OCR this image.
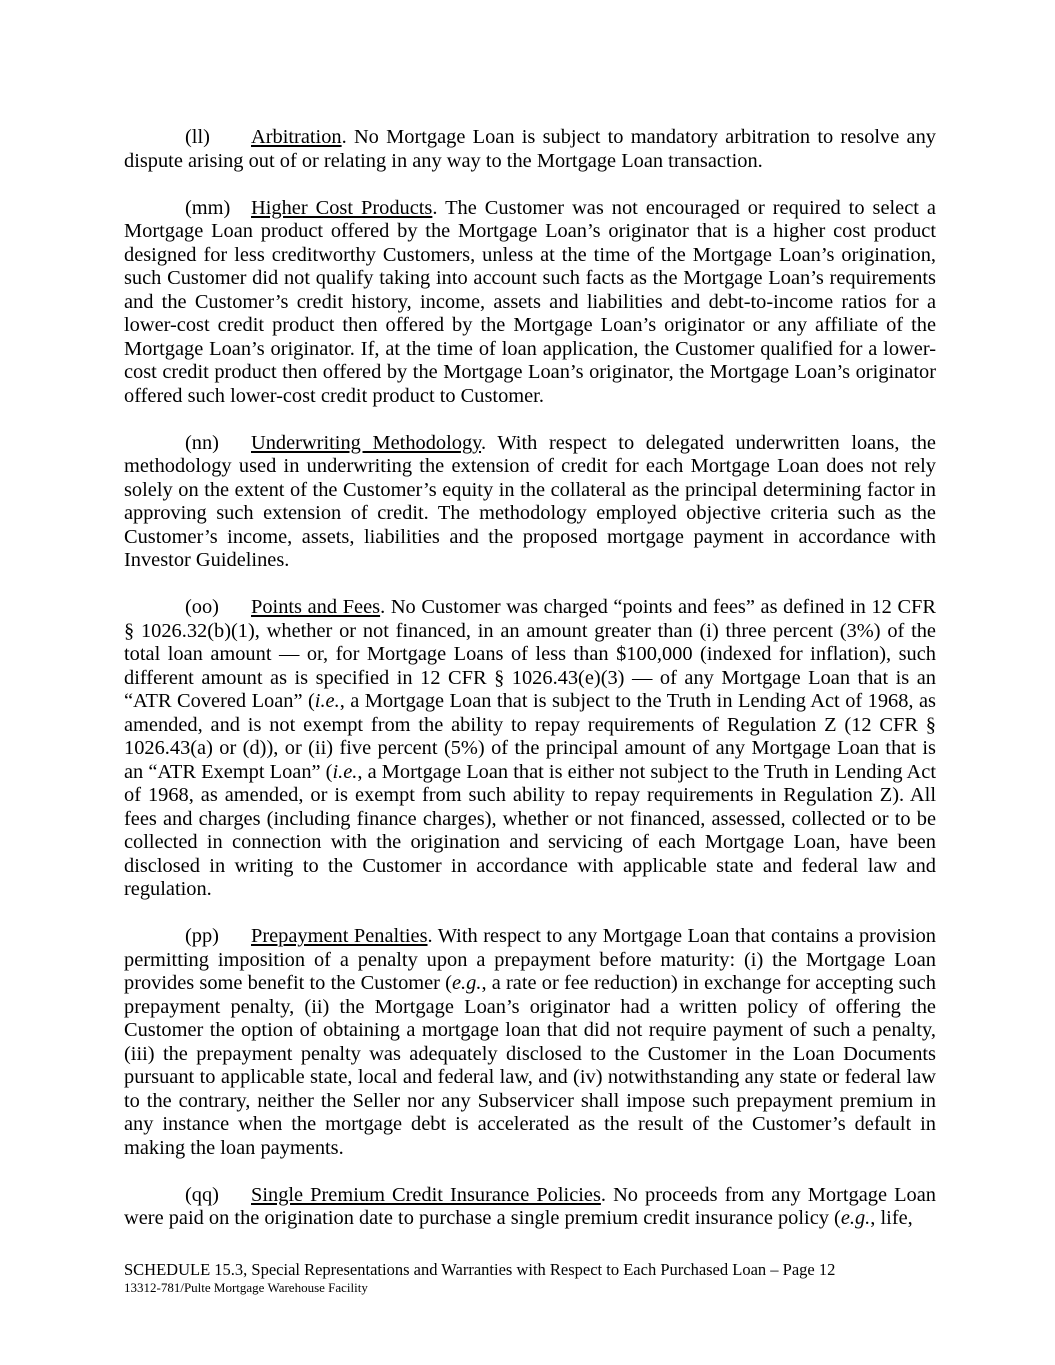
(ll) Arbitration. No Mortgage Loan is subject to mandatory arbitration to resolve any dispute arising out of or relating in any way to the Mortgage Loan transaction.

(mm) Higher Cost Products. The Customer was not encouraged or required to select a Mortgage Loan product offered by the Mortgage Loan’s originator that is a higher cost product designed for less creditworthy Customers, unless at the time of the Mortgage Loan’s origination, such Customer did not qualify taking into account such facts as the Mortgage Loan’s requirements and the Customer’s credit history, income, assets and liabilities and debt-to-income ratios for a lower-cost credit product then offered by the Mortgage Loan’s originator or any affiliate of the Mortgage Loan’s originator. If, at the time of loan application, the Customer qualified for a lower-cost credit product then offered by the Mortgage Loan’s originator, the Mortgage Loan’s originator offered such lower-cost credit product to Customer.

(nn) Underwriting Methodology. With respect to delegated underwritten loans, the methodology used in underwriting the extension of credit for each Mortgage Loan does not rely solely on the extent of the Customer’s equity in the collateral as the principal determining factor in approving such extension of credit. The methodology employed objective criteria such as the Customer’s income, assets, liabilities and the proposed mortgage payment in accordance with Investor Guidelines.

(oo) Points and Fees. No Customer was charged “points and fees” as defined in 12 CFR § 1026.32(b)(1), whether or not financed, in an amount greater than (i) three percent (3%) of the total loan amount — or, for Mortgage Loans of less than $100,000 (indexed for inflation), such different amount as is specified in 12 CFR § 1026.43(e)(3) — of any Mortgage Loan that is an “ATR Covered Loan” (i.e., a Mortgage Loan that is subject to the Truth in Lending Act of 1968, as amended, and is not exempt from the ability to repay requirements of Regulation Z (12 CFR § 1026.43(a) or (d)), or (ii) five percent (5%) of the principal amount of any Mortgage Loan that is an “ATR Exempt Loan” (i.e., a Mortgage Loan that is either not subject to the Truth in Lending Act of 1968, as amended, or is exempt from such ability to repay requirements in Regulation Z). All fees and charges (including finance charges), whether or not financed, assessed, collected or to be collected in connection with the origination and servicing of each Mortgage Loan, have been disclosed in writing to the Customer in accordance with applicable state and federal law and regulation.

(pp) Prepayment Penalties. With respect to any Mortgage Loan that contains a provision permitting imposition of a penalty upon a prepayment before maturity: (i) the Mortgage Loan provides some benefit to the Customer (e.g., a rate or fee reduction) in exchange for accepting such prepayment penalty, (ii) the Mortgage Loan’s originator had a written policy of offering the Customer the option of obtaining a mortgage loan that did not require payment of such a penalty, (iii) the prepayment penalty was adequately disclosed to the Customer in the Loan Documents pursuant to applicable state, local and federal law, and (iv) notwithstanding any state or federal law to the contrary, neither the Seller nor any Subservicer shall impose such prepayment premium in any instance when the mortgage debt is accelerated as the result of the Customer’s default in making the loan payments.

(qq) Single Premium Credit Insurance Policies. No proceeds from any Mortgage Loan were paid on the origination date to purchase a single premium credit insurance policy (e.g., life,

SCHEDULE 15.3, Special Representations and Warranties with Respect to Each Purchased Loan – Page 12
13312-781/Pulte Mortgage Warehouse Facility
